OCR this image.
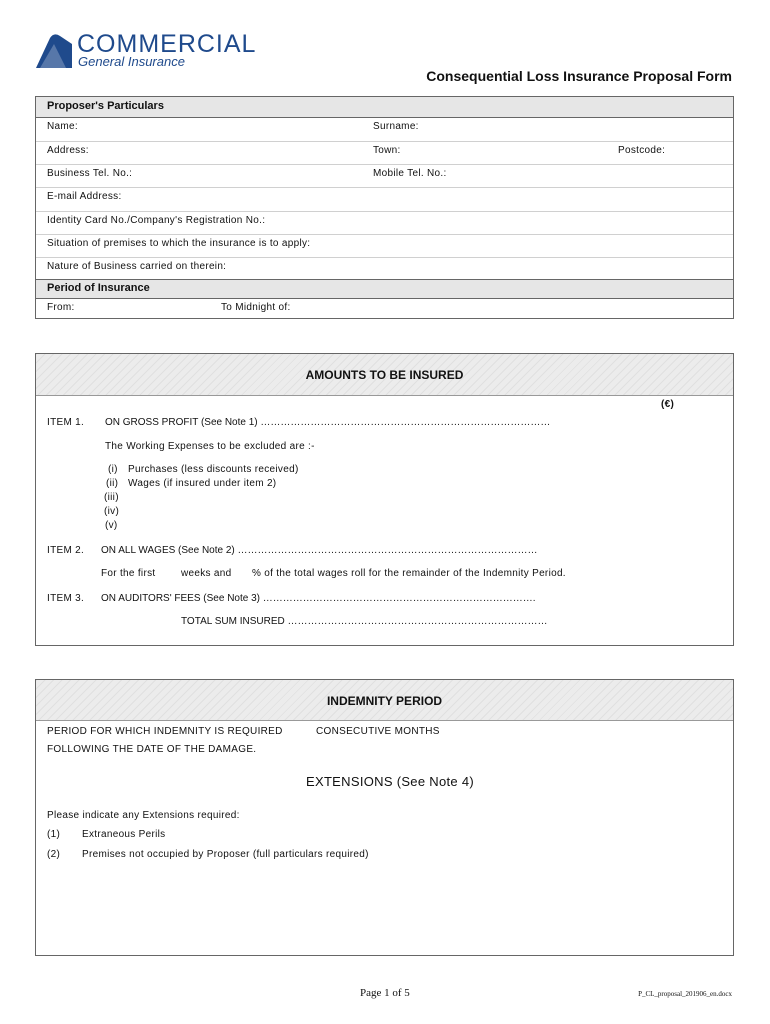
COMMERCIAL
General Insurance
Consequential Loss Insurance Proposal Form
Proposer's Particulars
Name:	Surname:
Address:	Town:	Postcode:
Business Tel. No.:	Mobile Tel. No.:
E-mail Address:
Identity Card No./Company's Registration No.:
Situation of premises to which the insurance is to apply:
Nature of Business carried on therein:
Period of Insurance
From:	To Midnight of:
AMOUNTS TO BE INSURED
(€)
ITEM 1. ON GROSS PROFIT (See Note 1) ……………………………………………………………………………
The Working Expenses to be excluded are :-
(i) Purchases (less discounts received)
(ii) Wages (if insured under item 2)
(iii)
(iv)
(v)
ITEM 2. ON ALL WAGES (See Note 2) ………………………………………………………………………………
For the first	weeks and % of the total wages roll for the remainder of the Indemnity Period.
ITEM 3. ON AUDITORS' FEES (See Note 3) ……………………………………………………………………….
TOTAL SUM INSURED ……………………………………………………………………
INDEMNITY PERIOD
PERIOD FOR WHICH INDEMNITY IS REQUIRED
FOLLOWING THE DATE OF THE DAMAGE.
CONSECUTIVE MONTHS
EXTENSIONS (See Note 4)
Please indicate any Extensions required:
(1) Extraneous Perils
(2) Premises not occupied by Proposer (full particulars required)
Page 1 of 5	P_CL_proposal_201906_en.docx
